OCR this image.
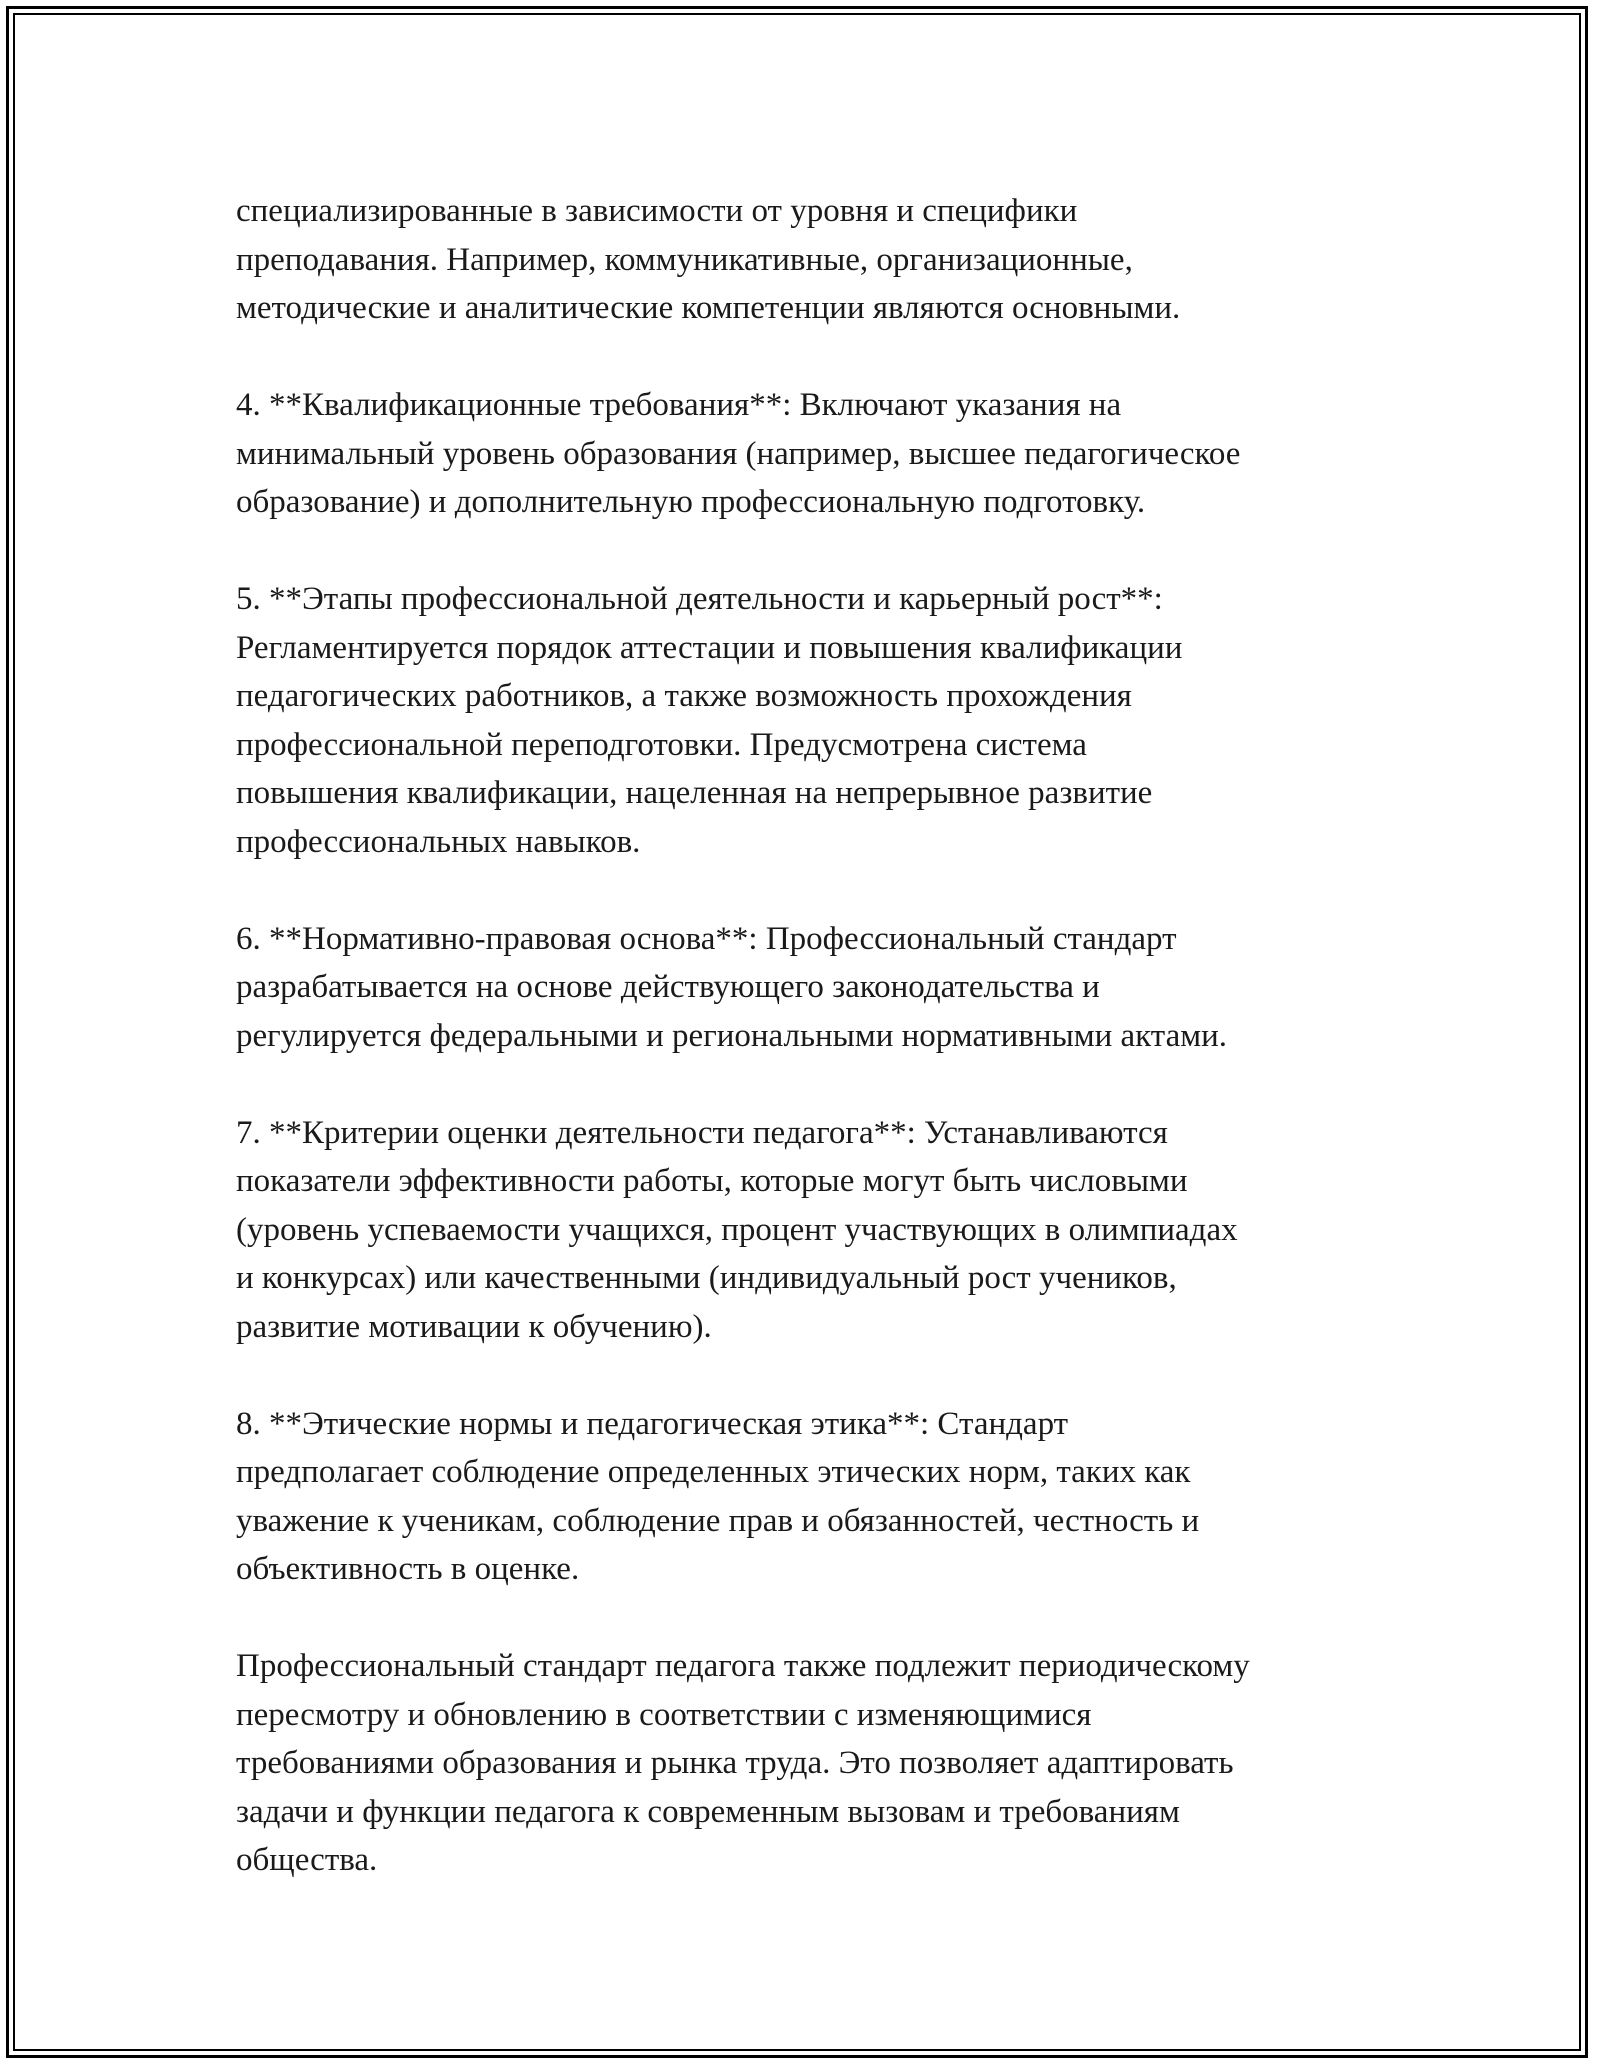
специализированные в зависимости от уровня и специфики
преподавания. Например, коммуникативные, организационные,
методические и аналитические компетенции являются основными.

4. **Квалификационные требования**: Включают указания на
минимальный уровень образования (например, высшее педагогическое
образование) и дополнительную профессиональную подготовку.

5. **Этапы профессиональной деятельности и карьерный рост**:
Регламентируется порядок аттестации и повышения квалификации
педагогических работников, а также возможность прохождения
профессиональной переподготовки. Предусмотрена система
повышения квалификации, нацеленная на непрерывное развитие
профессиональных навыков.

6. **Нормативно-правовая основа**: Профессиональный стандарт
разрабатывается на основе действующего законодательства и
регулируется федеральными и региональными нормативными актами.

7. **Критерии оценки деятельности педагога**: Устанавливаются
показатели эффективности работы, которые могут быть числовыми
(уровень успеваемости учащихся, процент участвующих в олимпиадах
и конкурсах) или качественными (индивидуальный рост учеников,
развитие мотивации к обучению).

8. **Этические нормы и педагогическая этика**: Стандарт
предполагает соблюдение определенных этических норм, таких как
уважение к ученикам, соблюдение прав и обязанностей, честность и
объективность в оценке.

Профессиональный стандарт педагога также подлежит периодическому
пересмотру и обновлению в соответствии с изменяющимися
требованиями образования и рынка труда. Это позволяет адаптировать
задачи и функции педагога к современным вызовам и требованиям
общества.
